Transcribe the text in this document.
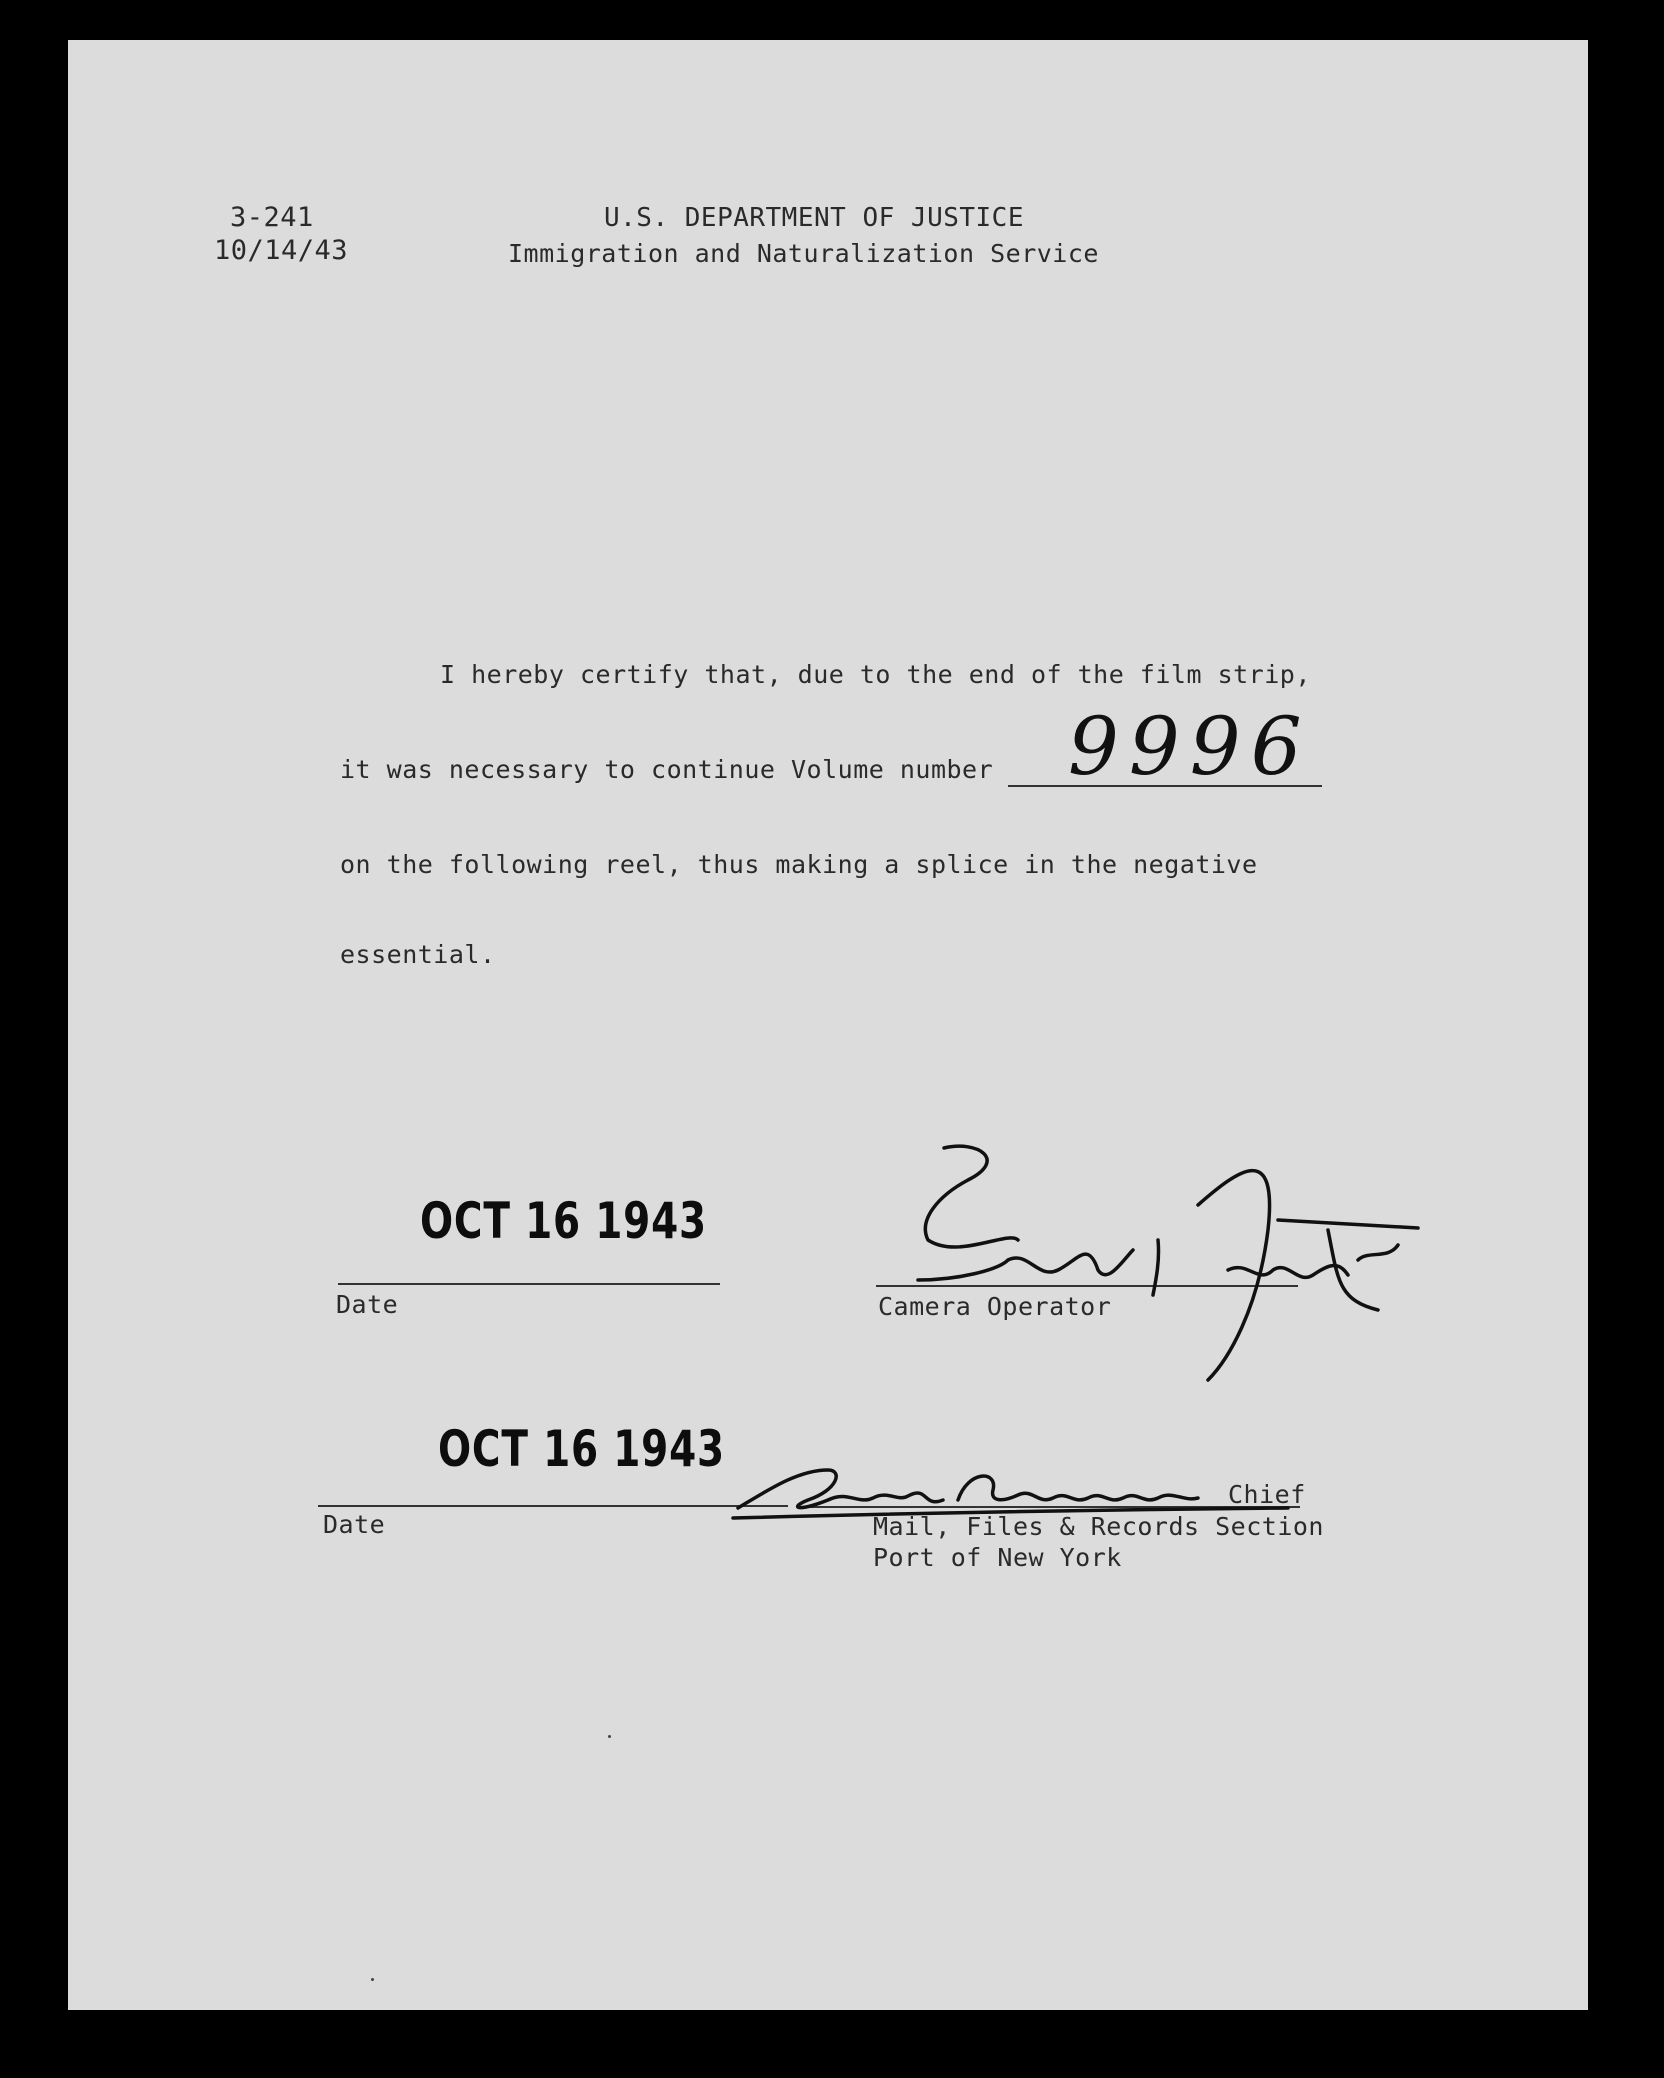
3-241
10/14/43
U.S. DEPARTMENT OF JUSTICE
Immigration and Naturalization Service
I hereby certify that, due to the end of the film strip,
it was necessary to continue Volume number 9996
on the following reel, thus making a splice in the negative
essential.
OCT 16 1943
Date	Camera Operator
OCT 16 1943
Date
Chief
Mail, Files & Records Section
Port of New York
